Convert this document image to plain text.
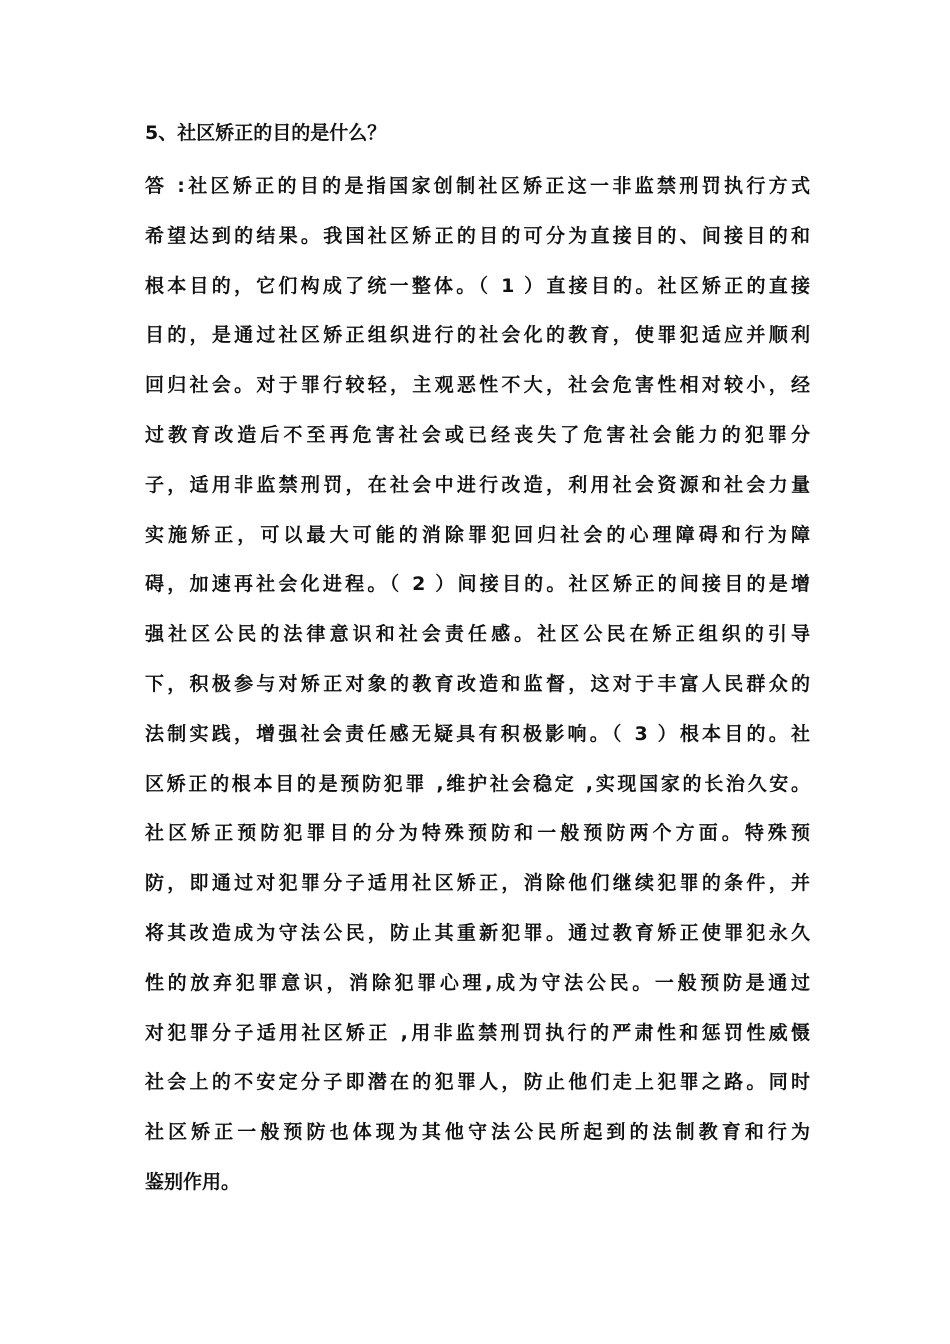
5、社区矫正的目的是什么？

答 :社区矫正的目的是指国家创制社区矫正这一非监禁刑罚执行方式
希望达到的结果。我国社区矫正的目的可分为直接目的、间接目的和
根本目的，它们构成了统一整体。（ 1 ）直接目的。社区矫正的直接
目的，是通过社区矫正组织进行的社会化的教育，使罪犯适应并顺利
回归社会。对于罪行较轻，主观恶性不大，社会危害性相对较小，经
过教育改造后不至再危害社会或已经丧失了危害社会能力的犯罪分
子，适用非监禁刑罚，在社会中进行改造，利用社会资源和社会力量
实施矫正，可以最大可能的消除罪犯回归社会的心理障碍和行为障
碍，加速再社会化进程。（ 2 ）间接目的。社区矫正的间接目的是增
强社区公民的法律意识和社会责任感。社区公民在矫正组织的引导
下，积极参与对矫正对象的教育改造和监督，这对于丰富人民群众的
法制实践，增强社会责任感无疑具有积极影响。（ 3 ）根本目的。社
区矫正的根本目的是预防犯罪 ,维护社会稳定 ,实现国家的长治久安。
社区矫正预防犯罪目的分为特殊预防和一般预防两个方面。特殊预
防，即通过对犯罪分子适用社区矫正，消除他们继续犯罪的条件，并
将其改造成为守法公民，防止其重新犯罪。通过教育矫正使罪犯永久
性的放弃犯罪意识，消除犯罪心理,成为守法公民。一般预防是通过
对犯罪分子适用社区矫正 ,用非监禁刑罚执行的严肃性和惩罚性威慑
社会上的不安定分子即潜在的犯罪人，防止他们走上犯罪之路。同时
社区矫正一般预防也体现为其他守法公民所起到的法制教育和行为
鉴别作用。
